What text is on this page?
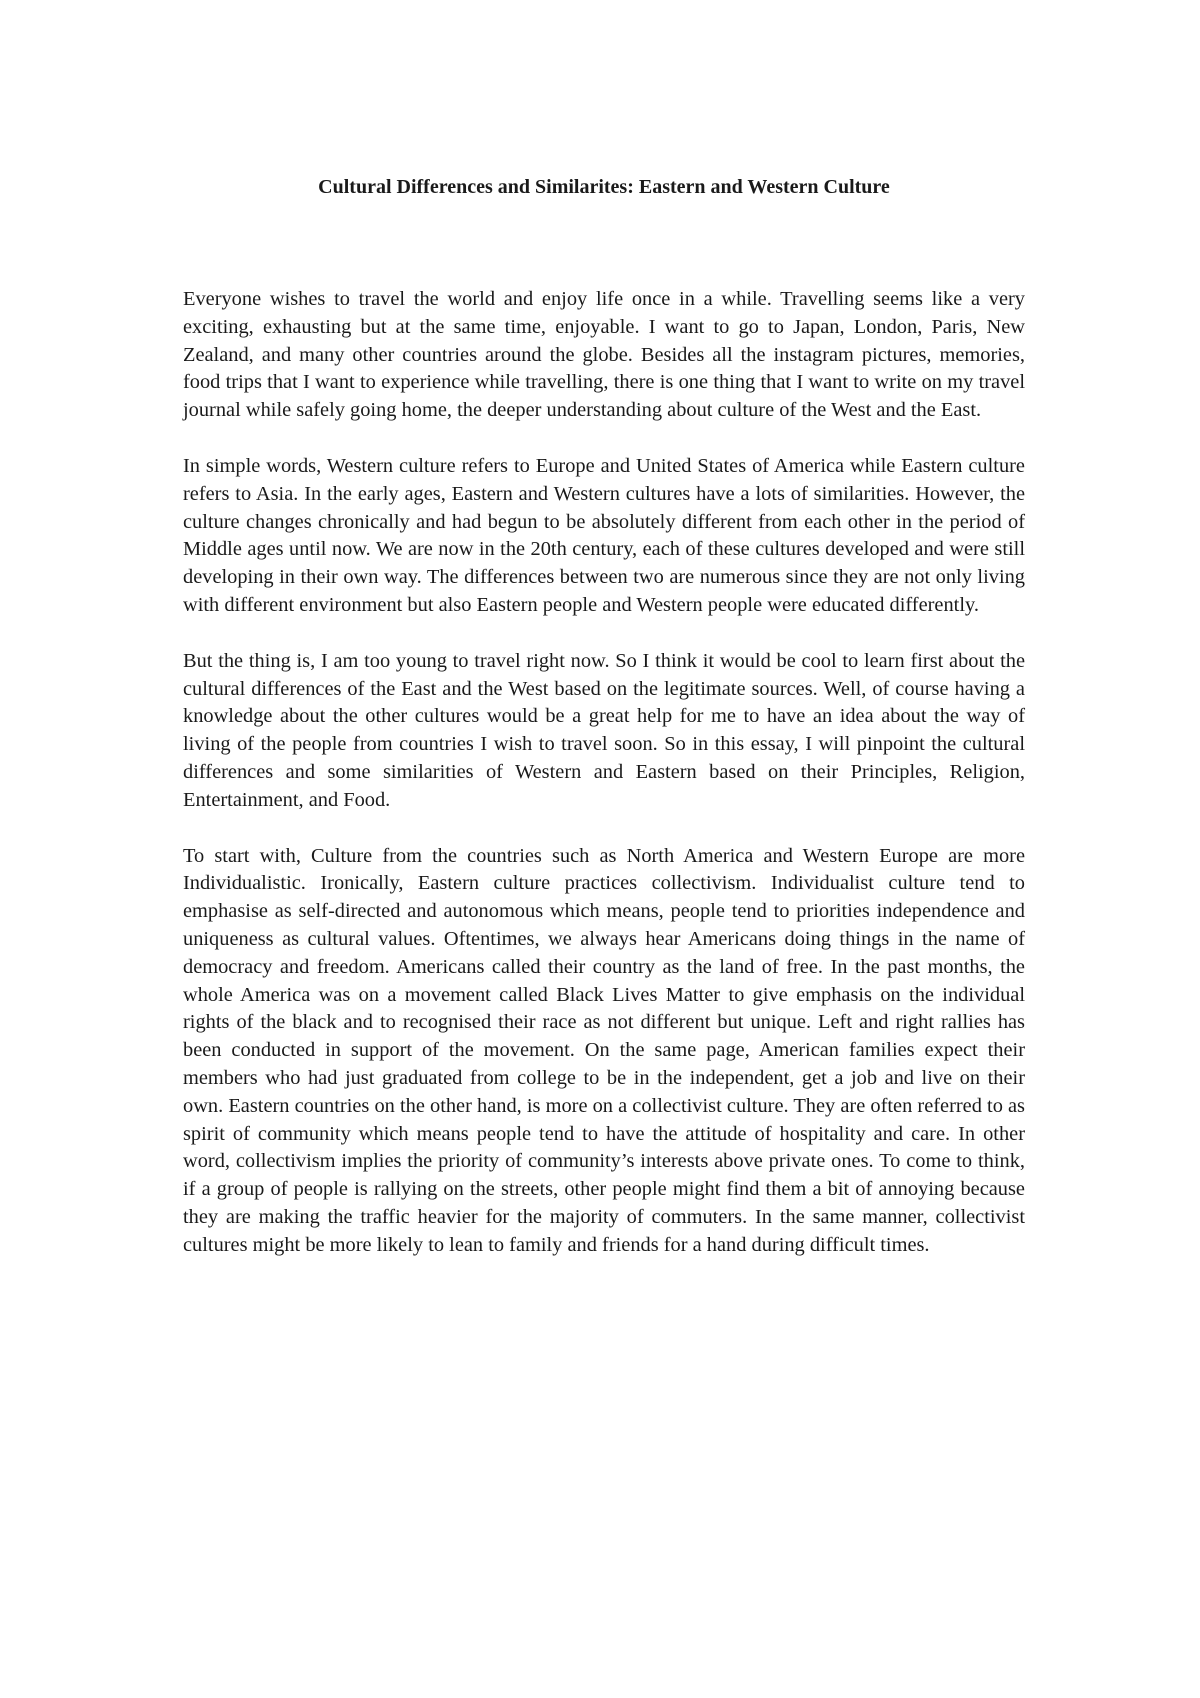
Cultural Differences and Similarites: Eastern and Western Culture

Everyone wishes to travel the world and enjoy life once in a while. Travelling seems like a very exciting, exhausting but at the same time, enjoyable. I want to go to Japan, London, Paris, New Zealand, and many other countries around the globe. Besides all the instagram pictures, memories, food trips that I want to experience while travelling, there is one thing that I want to write on my travel journal while safely going home, the deeper understanding about culture of the West and the East.

In simple words, Western culture refers to Europe and United States of America while Eastern culture refers to Asia. In the early ages, Eastern and Western cultures have a lots of similarities. However, the culture changes chronically and had begun to be absolutely different from each other in the period of Middle ages until now. We are now in the 20th century, each of these cultures developed and were still developing in their own way. The differences between two are numerous since they are not only living with different environment but also Eastern people and Western people were educated differently.

But the thing is, I am too young to travel right now. So I think it would be cool to learn first about the cultural differences of the East and the West based on the legitimate sources. Well, of course having a knowledge about the other cultures would be a great help for me to have an idea about the way of living of the people from countries I wish to travel soon. So in this essay, I will pinpoint the cultural differences and some similarities of Western and Eastern based on their Principles, Religion, Entertainment, and Food.

To start with, Culture from the countries such as North America and Western Europe are more Individualistic. Ironically, Eastern culture practices collectivism. Individualist culture tend to emphasise as self-directed and autonomous which means, people tend to priorities independence and uniqueness as cultural values. Oftentimes, we always hear Americans doing things in the name of democracy and freedom. Americans called their country as the land of free. In the past months, the whole America was on a movement called Black Lives Matter to give emphasis on the individual rights of the black and to recognised their race as not different but unique. Left and right rallies has been conducted in support of the movement. On the same page, American families expect their members who had just graduated from college to be in the independent, get a job and live on their own. Eastern countries on the other hand, is more on a collectivist culture. They are often referred to as spirit of community which means people tend to have the attitude of hospitality and care. In other word, collectivism implies the priority of community’s interests above private ones. To come to think, if a group of people is rallying on the streets, other people might find them a bit of annoying because they are making the traffic heavier for the majority of commuters. In the same manner, collectivist cultures might be more likely to lean to family and friends for a hand during difficult times.
